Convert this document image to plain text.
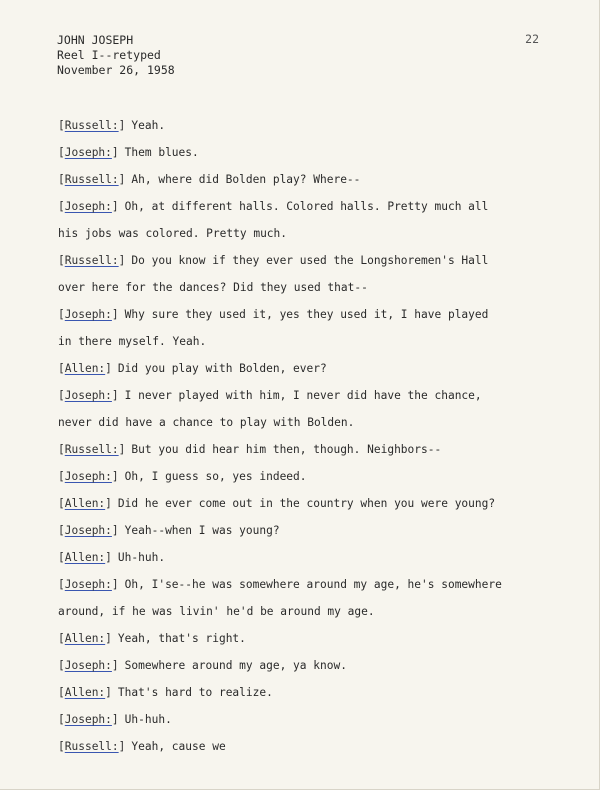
JOHN JOSEPH
Reel I--retyped
November 26, 1958
22
[Russell:] Yeah.
[Joseph:] Them blues.
[Russell:] Ah, where did Bolden play? Where--
[Joseph:] Oh, at different halls. Colored halls. Pretty much all
his jobs was colored. Pretty much.
[Russell:] Do you know if they ever used the Longshoremen's Hall
over here for the dances? Did they used that--
[Joseph:] Why sure they used it, yes they used it, I have played
in there myself. Yeah.
[Allen:] Did you play with Bolden, ever?
[Joseph:] I never played with him, I never did have the chance,
never did have a chance to play with Bolden.
[Russell:] But you did hear him then, though. Neighbors--
[Joseph:] Oh, I guess so, yes indeed.
[Allen:] Did he ever come out in the country when you were young?
[Joseph:] Yeah--when I was young?
[Allen:] Uh-huh.
[Joseph:] Oh, I'se--he was somewhere around my age, he's somewhere
around, if he was livin' he'd be around my age.
[Allen:] Yeah, that's right.
[Joseph:] Somewhere around my age, ya know.
[Allen:] That's hard to realize.
[Joseph:] Uh-huh.
[Russell:] Yeah, cause we
